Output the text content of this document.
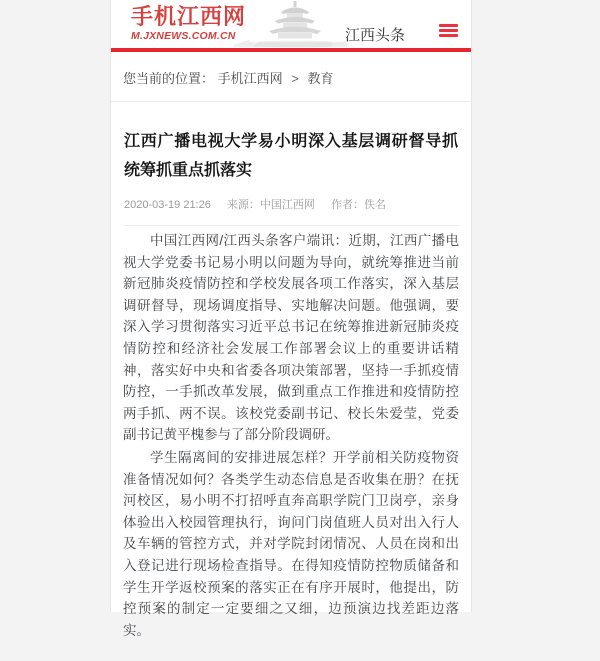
手机江西网
M.JXNEWS.COM.CN	江西头条
您当前的位置： 手机江西网 > 教育
江西广播电视大学易小明深入基层调研督导抓统筹抓重点抓落实
2020-03-19 21:26 来源：中国江西网 作者：佚名

中国江西网/江西头条客户端讯：近期，江西广播电视大学党委书记易小明以问题为导向，就统筹推进当前新冠肺炎疫情防控和学校发展各项工作落实，深入基层调研督导，现场调度指导、实地解决问题。他强调，要深入学习贯彻落实习近平总书记在统筹推进新冠肺炎疫情防控和经济社会发展工作部署会议上的重要讲话精神，落实好中央和省委各项决策部署，坚持一手抓疫情防控，一手抓改革发展，做到重点工作推进和疫情防控两手抓、两不误。该校党委副书记、校长朱爱莹，党委副书记黄平槐参与了部分阶段调研。

学生隔离间的安排进展怎样？开学前相关防疫物资准备情况如何？各类学生动态信息是否收集在册？在抚河校区，易小明不打招呼直奔高职学院门卫岗亭，亲身体验出入校园管理执行，询问门岗值班人员对出入行人及车辆的管控方式，并对学院封闭情况、人员在岗和出入登记进行现场检查指导。在得知疫情防控物质储备和学生开学返校预案的落实正在有序开展时，他提出，防控预案的制定一定要细之又细，边预演边找差距边落实。
